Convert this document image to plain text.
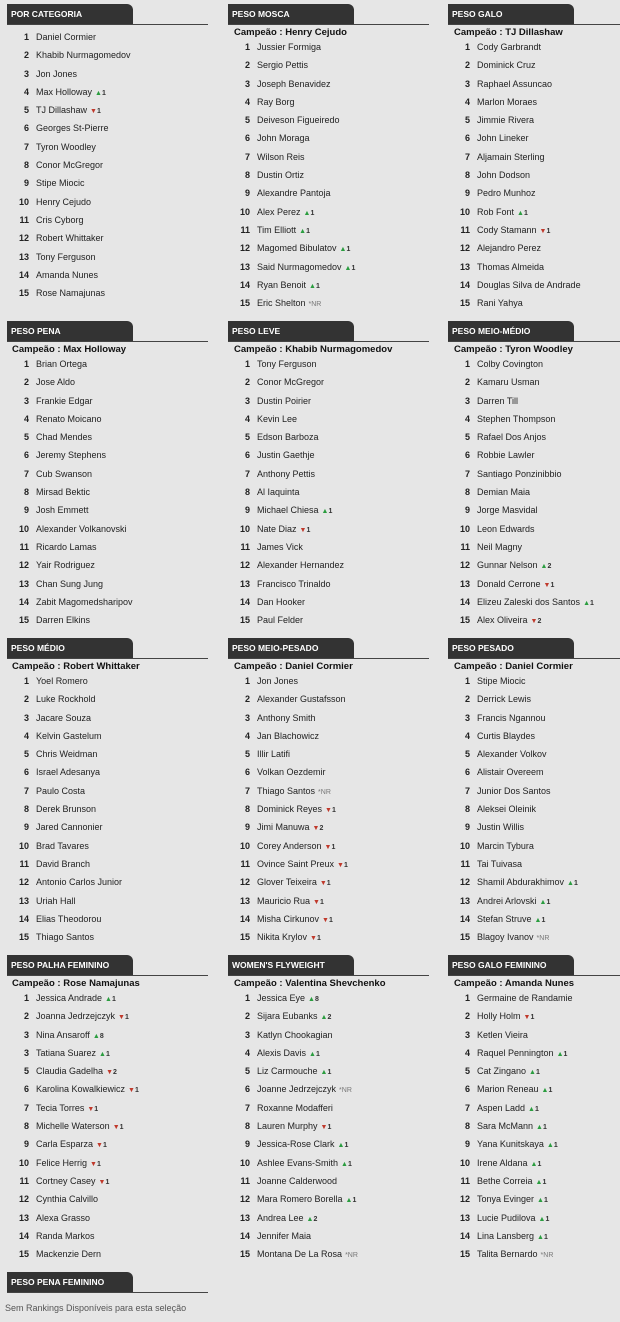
POR CATEGORIA
1 Daniel Cormier
2 Khabib Nurmagomedov
3 Jon Jones
4 Max Holloway ▲1
5 TJ Dillashaw ▼1
6 Georges St-Pierre
7 Tyron Woodley
8 Conor McGregor
9 Stipe Miocic
10 Henry Cejudo
11 Cris Cyborg
12 Robert Whittaker
13 Tony Ferguson
14 Amanda Nunes
15 Rose Namajunas
PESO MOSCA
Campeão : Henry Cejudo
1 Jussier Formiga
2 Sergio Pettis
3 Joseph Benavidez
4 Ray Borg
5 Deiveson Figueiredo
6 John Moraga
7 Wilson Reis
8 Dustin Ortiz
9 Alexandre Pantoja
10 Alex Perez ▲1
11 Tim Elliott ▲1
12 Magomed Bibulatov ▲1
13 Said Nurmagomedov ▲1
14 Ryan Benoit ▲1
15 Eric Shelton *NR
PESO GALO
Campeão : TJ Dillashaw
1 Cody Garbrandt
2 Dominick Cruz
3 Raphael Assuncao
4 Marlon Moraes
5 Jimmie Rivera
6 John Lineker
7 Aljamain Sterling
8 John Dodson
9 Pedro Munhoz
10 Rob Font ▲1
11 Cody Stamann ▼1
12 Alejandro Perez
13 Thomas Almeida
14 Douglas Silva de Andrade
15 Rani Yahya
PESO PENA
Campeão : Max Holloway
1 Brian Ortega
2 Jose Aldo
3 Frankie Edgar
4 Renato Moicano
5 Chad Mendes
6 Jeremy Stephens
7 Cub Swanson
8 Mirsad Bektic
9 Josh Emmett
10 Alexander Volkanovski
11 Ricardo Lamas
12 Yair Rodriguez
13 Chan Sung Jung
14 Zabit Magomedsharipov
15 Darren Elkins
PESO LEVE
Campeão : Khabib Nurmagomedov
1 Tony Ferguson
2 Conor McGregor
3 Dustin Poirier
4 Kevin Lee
5 Edson Barboza
6 Justin Gaethje
7 Anthony Pettis
8 Al Iaquinta
9 Michael Chiesa ▲1
10 Nate Diaz ▼1
11 James Vick
12 Alexander Hernandez
13 Francisco Trinaldo
14 Dan Hooker
15 Paul Felder
PESO MEIO-MÉDIO
Campeão : Tyron Woodley
1 Colby Covington
2 Kamaru Usman
3 Darren Till
4 Stephen Thompson
5 Rafael Dos Anjos
6 Robbie Lawler
7 Santiago Ponzinibbio
8 Demian Maia
9 Jorge Masvidal
10 Leon Edwards
11 Neil Magny
12 Gunnar Nelson ▲2
13 Donald Cerrone ▼1
14 Elizeu Zaleski dos Santos ▲1
15 Alex Oliveira ▼2
PESO MÉDIO
Campeão : Robert Whittaker
1 Yoel Romero
2 Luke Rockhold
3 Jacare Souza
4 Kelvin Gastelum
5 Chris Weidman
6 Israel Adesanya
7 Paulo Costa
8 Derek Brunson
9 Jared Cannonier
10 Brad Tavares
11 David Branch
12 Antonio Carlos Junior
13 Uriah Hall
14 Elias Theodorou
15 Thiago Santos
PESO MEIO-PESADO
Campeão : Daniel Cormier
1 Jon Jones
2 Alexander Gustafsson
3 Anthony Smith
4 Jan Blachowicz
5 Illir Latifi
6 Volkan Oezdemir
7 Thiago Santos *NR
8 Dominick Reyes ▼1
9 Jimi Manuwa ▼2
10 Corey Anderson ▼1
11 Ovince Saint Preux ▼1
12 Glover Teixeira ▼1
13 Mauricio Rua ▼1
14 Misha Cirkunov ▼1
15 Nikita Krylov ▼1
PESO PESADO
Campeão : Daniel Cormier
1 Stipe Miocic
2 Derrick Lewis
3 Francis Ngannou
4 Curtis Blaydes
5 Alexander Volkov
6 Alistair Overeem
7 Junior Dos Santos
8 Aleksei Oleinik
9 Justin Willis
10 Marcin Tybura
11 Tai Tuivasa
12 Shamil Abdurakhimov ▲1
13 Andrei Arlovski ▲1
14 Stefan Struve ▲1
15 Blagoy Ivanov *NR
PESO PALHA FEMININO
Campeão : Rose Namajunas
1 Jessica Andrade ▲1
2 Joanna Jedrzejczyk ▼1
3 Nina Ansaroff ▲8
3 Tatiana Suarez ▲1
5 Claudia Gadelha ▼2
6 Karolina Kowalkiewicz ▼1
7 Tecia Torres ▼1
8 Michelle Waterson ▼1
9 Carla Esparza ▼1
10 Felice Herrig ▼1
11 Cortney Casey ▼1
12 Cynthia Calvillo
13 Alexa Grasso
14 Randa Markos
15 Mackenzie Dern
WOMEN'S FLYWEIGHT
Campeão : Valentina Shevchenko
1 Jessica Eye ▲8
2 Sijara Eubanks ▲2
3 Katlyn Chookagian
4 Alexis Davis ▲1
5 Liz Carmouche ▲1
6 Joanne Jedrzejczyk *NR
7 Roxanne Modafferi
8 Lauren Murphy ▼1
9 Jessica-Rose Clark ▲1
10 Ashlee Evans-Smith ▲1
11 Joanne Calderwood
12 Mara Romero Borella ▲1
13 Andrea Lee ▲2
14 Jennifer Maia
15 Montana De La Rosa *NR
PESO GALO FEMININO
Campeão : Amanda Nunes
1 Germaine de Randamie
2 Holly Holm ▼1
3 Ketlen Vieira
4 Raquel Pennington ▲1
5 Cat Zingano ▲1
6 Marion Reneau ▲1
7 Aspen Ladd ▲1
8 Sara McMann ▲1
9 Yana Kunitskaya ▲1
10 Irene Aldana ▲1
11 Bethe Correia ▲1
12 Tonya Evinger ▲1
13 Lucie Pudilova ▲1
14 Lina Lansberg ▲1
15 Talita Bernardo *NR
PESO PENA FEMININO
Sem Rankings Disponíveis para esta seleção
